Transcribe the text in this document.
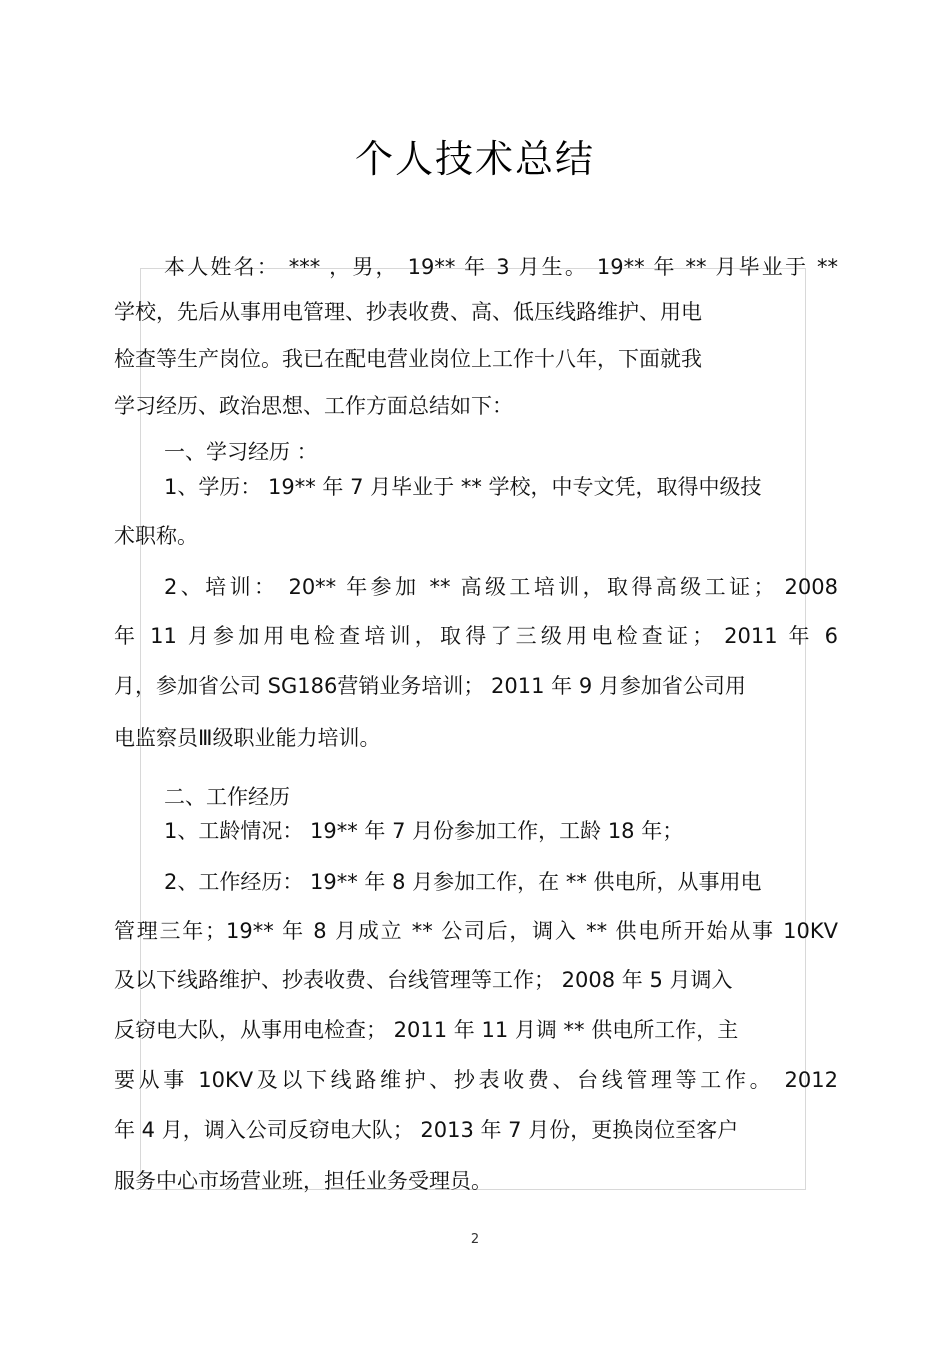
个人技术总结
本人姓名： *** ，男， 19** 年 3 月生。 19** 年 ** 月毕业于 **
学校，先后从事用电管理、抄表收费、高、低压线路维护、用电
检查等生产岗位。我已在配电营业岗位上工作十八年，下面就我
学习经历、政治思想、工作方面总结如下：
一、学习经历 ：
1、学历： 19** 年 7 月毕业于 ** 学校，中专文凭，取得中级技
术职称。
2、培训： 20** 年参加 ** 高级工培训，取得高级工证； 2008
年 11 月参加用电检查培训，取得了三级用电检查证； 2011 年 6
月，参加省公司 SG186营销业务培训； 2011 年 9 月参加省公司用
电监察员Ⅲ级职业能力培训。
二、工作经历
1、工龄情况： 19** 年 7 月份参加工作，工龄 18 年；
2、工作经历： 19** 年 8 月参加工作，在 ** 供电所，从事用电
管理三年；19** 年 8 月成立 ** 公司后，调入 ** 供电所开始从事 10KV
及以下线路维护、抄表收费、台线管理等工作； 2008 年 5 月调入
反窃电大队，从事用电检查； 2011 年 11 月调 ** 供电所工作，主
要从事 10KV及以下线路维护、抄表收费、台线管理等工作。 2012
年 4 月，调入公司反窃电大队； 2013 年 7 月份，更换岗位至客户
服务中心市场营业班，担任业务受理员。
2
